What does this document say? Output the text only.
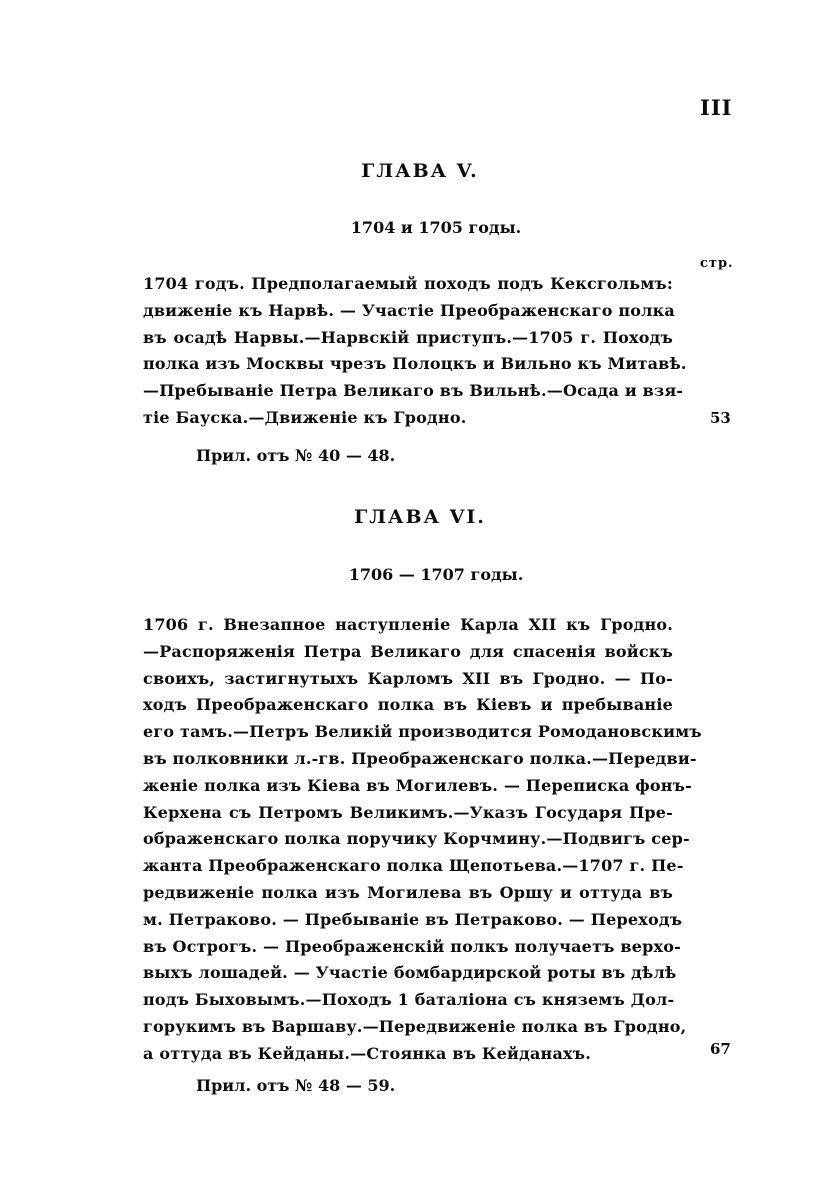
III
ГЛАВА V.
1704 и 1705 годы.
стр.
1704 годъ. Предполагаемый походъ подъ Кексгольмъ:
движеніе къ Нарвѣ. — Участіе Преображенскаго полка
въ осадѣ Нарвы.—Нарвскій приступъ.—1705 г. Походъ
полка изъ Москвы чрезъ Полоцкъ и Вильно къ Митавѣ.
—Пребываніе Петра Великаго въ Вильнѣ.—Осада и взя-
тіе Бауска.—Движеніе къ Гродно.	53
Прил. отъ № 40 — 48.
ГЛАВА VI.
1706 — 1707 годы.
1706 г. Внезапное наступленіе Карла XII къ Гродно.
—Распоряженія Петра Великаго для спасенія войскъ
своихъ, застигнутыхъ Карломъ XII въ Гродно. — По-
ходъ Преображенскаго полка въ Кіевъ и пребываніе
его тамъ.—Петръ Великій производится Ромодановскимъ
въ полковники л.-гв. Преображенскаго полка.—Передви-
женіе полка изъ Кіева въ Могилевъ. — Переписка фонъ-
Керхена съ Петромъ Великимъ.—Указъ Государя Пре-
ображенскаго полка поручику Корчмину.—Подвигъ сер-
жанта Преображенскаго полка Щепотьева.—1707 г. Пе-
редвиженіе полка изъ Могилева въ Оршу и оттуда въ
м. Петраково. — Пребываніе въ Петраково. — Переходъ
въ Острогъ. — Преображенскій полкъ получаетъ верхо-
выхъ лошадей. — Участіе бомбардирской роты въ дѣлѣ
подъ Быховымъ.—Походъ 1 баталіона съ княземъ Дол-
горукимъ въ Варшаву.—Передвиженіе полка въ Гродно,
а оттуда въ Кейданы.—Стоянка въ Кейданахъ.	67
Прил. отъ № 48 — 59.
